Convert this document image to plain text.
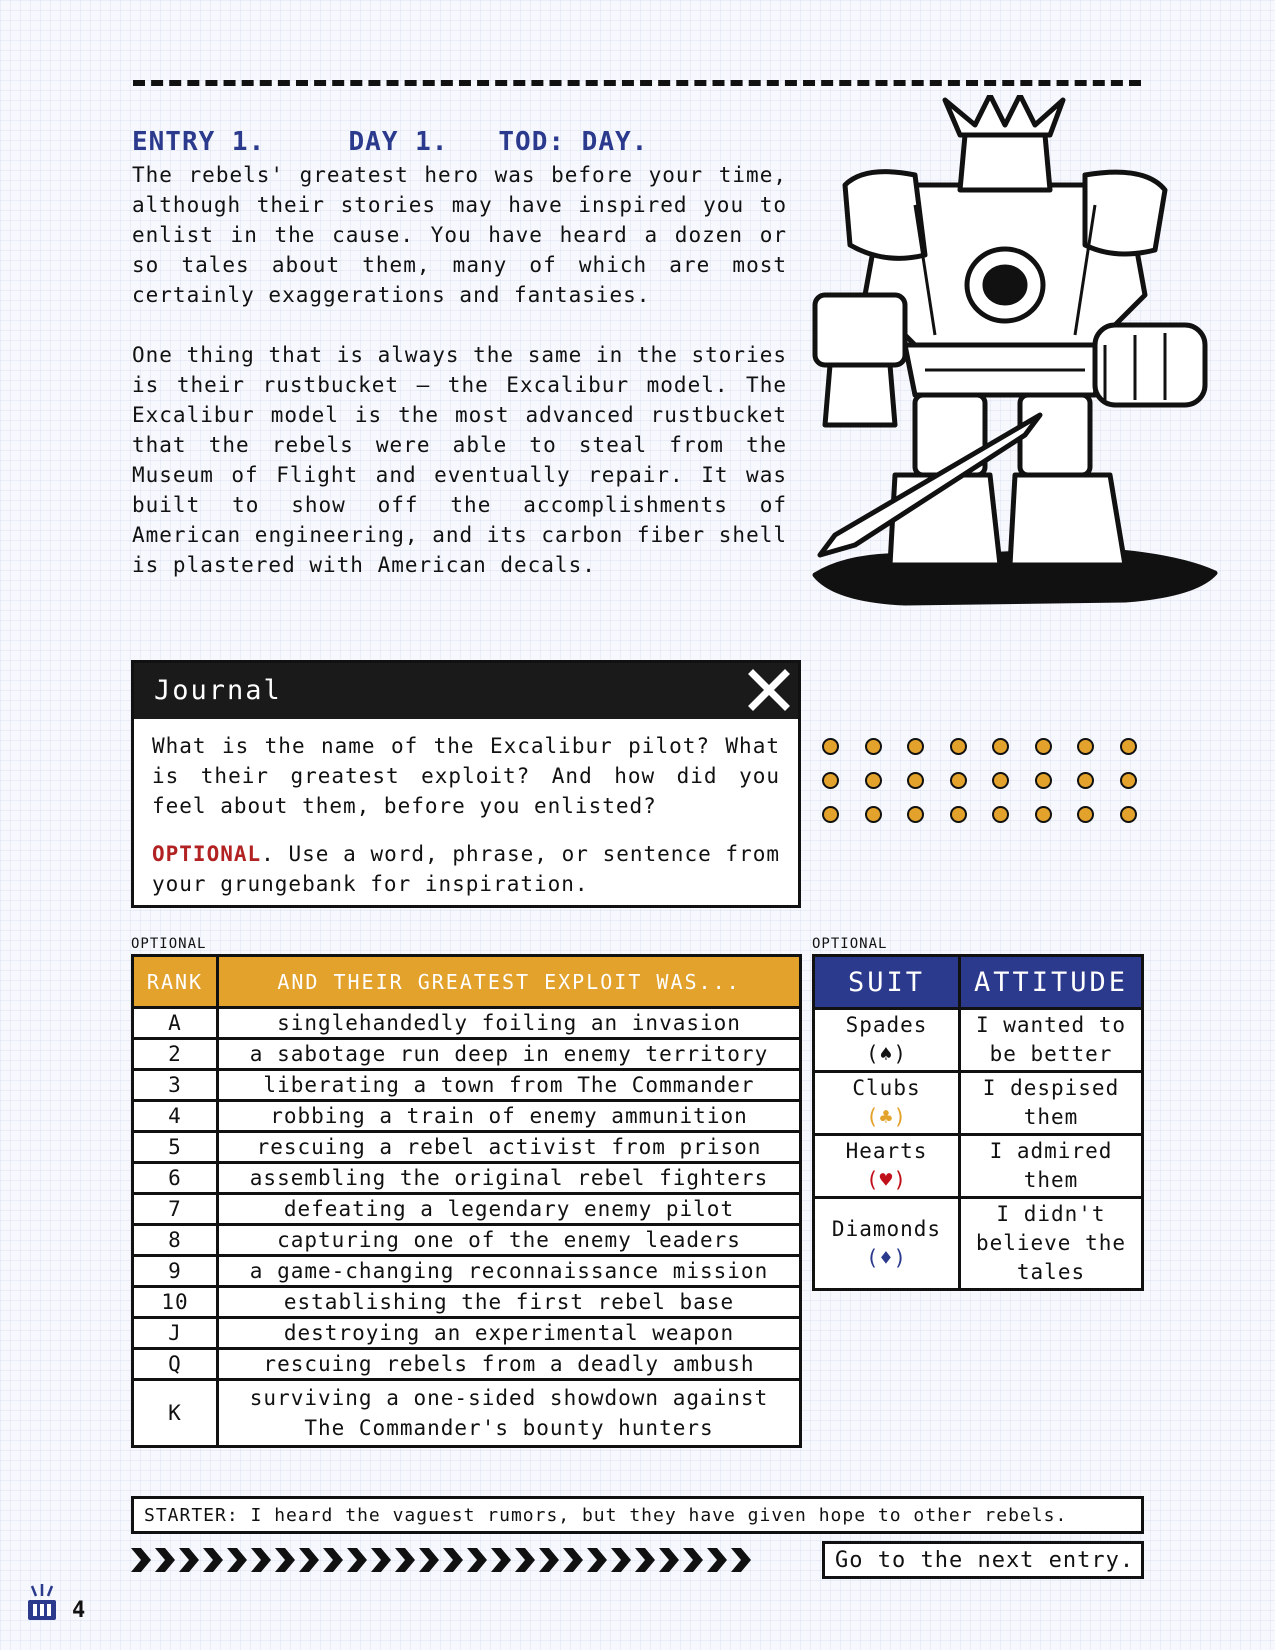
ENTRY 1.	DAY 1. TOD: DAY.

The rebels' greatest hero was before your time, although their stories may have inspired you to enlist in the cause. You have heard a dozen or so tales about them, many of which are most certainly exaggerations and fantasies.

One thing that is always the same in the stories is their rustbucket — the Excalibur model. The Excalibur model is the most advanced rustbucket that the rebels were able to steal from the Museum of Flight and eventually repair. It was built to show off the accomplishments of American engineering, and its carbon fiber shell is plastered with American decals.

Journal

What is the name of the Excalibur pilot? What is their greatest exploit? And how did you feel about them, before you enlisted?

OPTIONAL. Use a word, phrase, or sentence from your grungebank for inspiration.

OPTIONAL	OPTIONAL
RANK	AND THEIR GREATEST EXPLOIT WAS...
A	singlehandedly foiling an invasion
2	a sabotage run deep in enemy territory
3	liberating a town from The Commander
4	robbing a train of enemy ammunition
5	rescuing a rebel activist from prison
6	assembling the original rebel fighters
7	defeating a legendary enemy pilot
8	capturing one of the enemy leaders
9	a game-changing reconnaissance mission
10	establishing the first rebel base
J	destroying an experimental weapon
Q	rescuing rebels from a deadly ambush
K	surviving a one-sided showdown against The Commander's bounty hunters
SUIT	ATTITUDE

Spades
(♠)	I wanted to be better

Clubs
(♣)	I despised them

Hearts
(♥)	I admired them

Diamonds
(♦)	I didn't believe the tales
STARTER: I heard the vaguest rumors, but they have given hope to other rebels.
Go to the next entry.
4
